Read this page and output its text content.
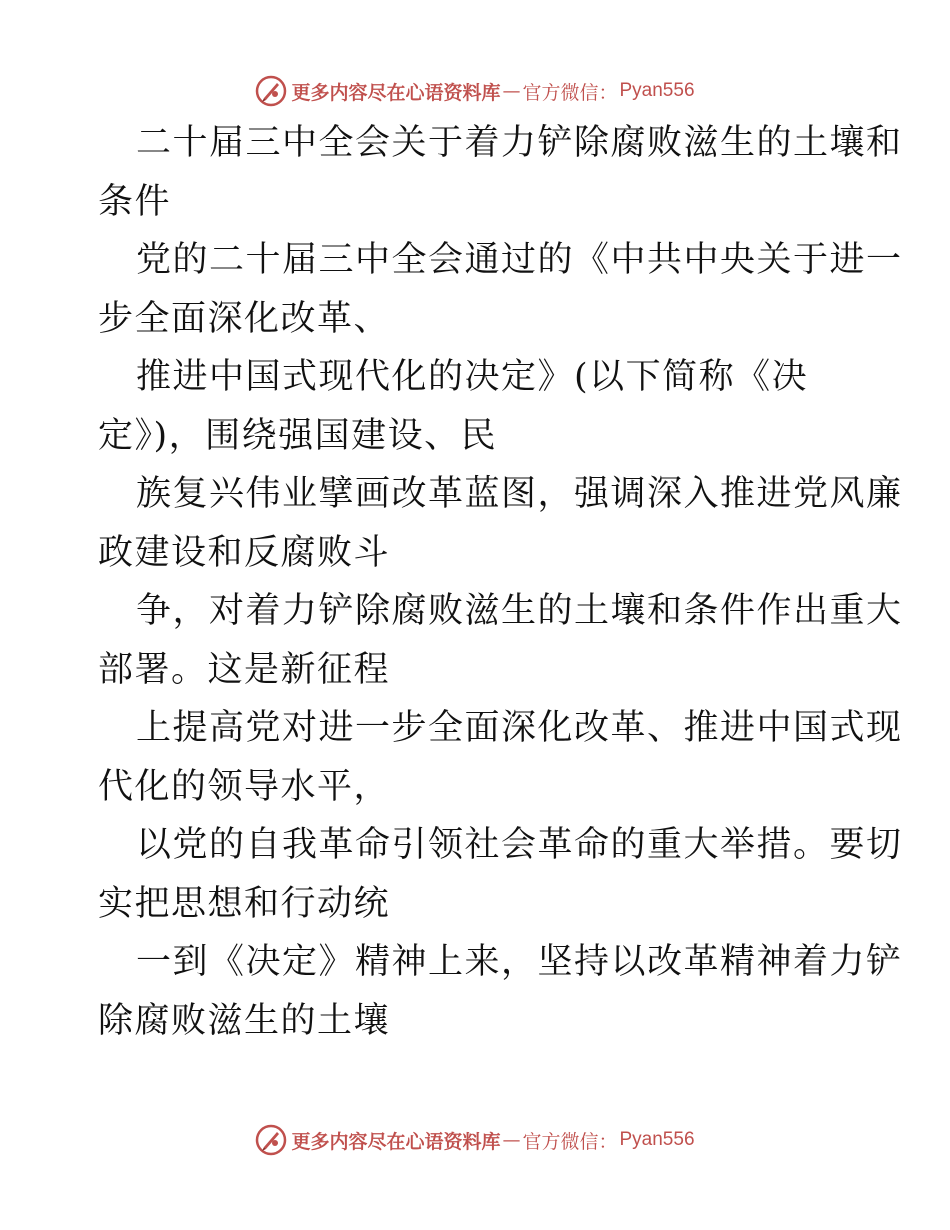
更多内容尽在心语资料库 — 官方微信： Pyan556

二十届三中全会关于着力铲除腐败滋生的土壤和
条件

党的二十届三中全会通过的《中共中央关于进一
步全面深化改革、

推进中国式现代化的决定》(以下简称《决
定》)，围绕强国建设、民

族复兴伟业擘画改革蓝图，强调深入推进党风廉
政建设和反腐败斗

争，对着力铲除腐败滋生的土壤和条件作出重大
部署。这是新征程

上提高党对进一步全面深化改革、推进中国式现
代化的领导水平，

以党的自我革命引领社会革命的重大举措。要切
实把思想和行动统

一到《决定》精神上来，坚持以改革精神着力铲
除腐败滋生的土壤

更多内容尽在心语资料库 — 官方微信： Pyan556
